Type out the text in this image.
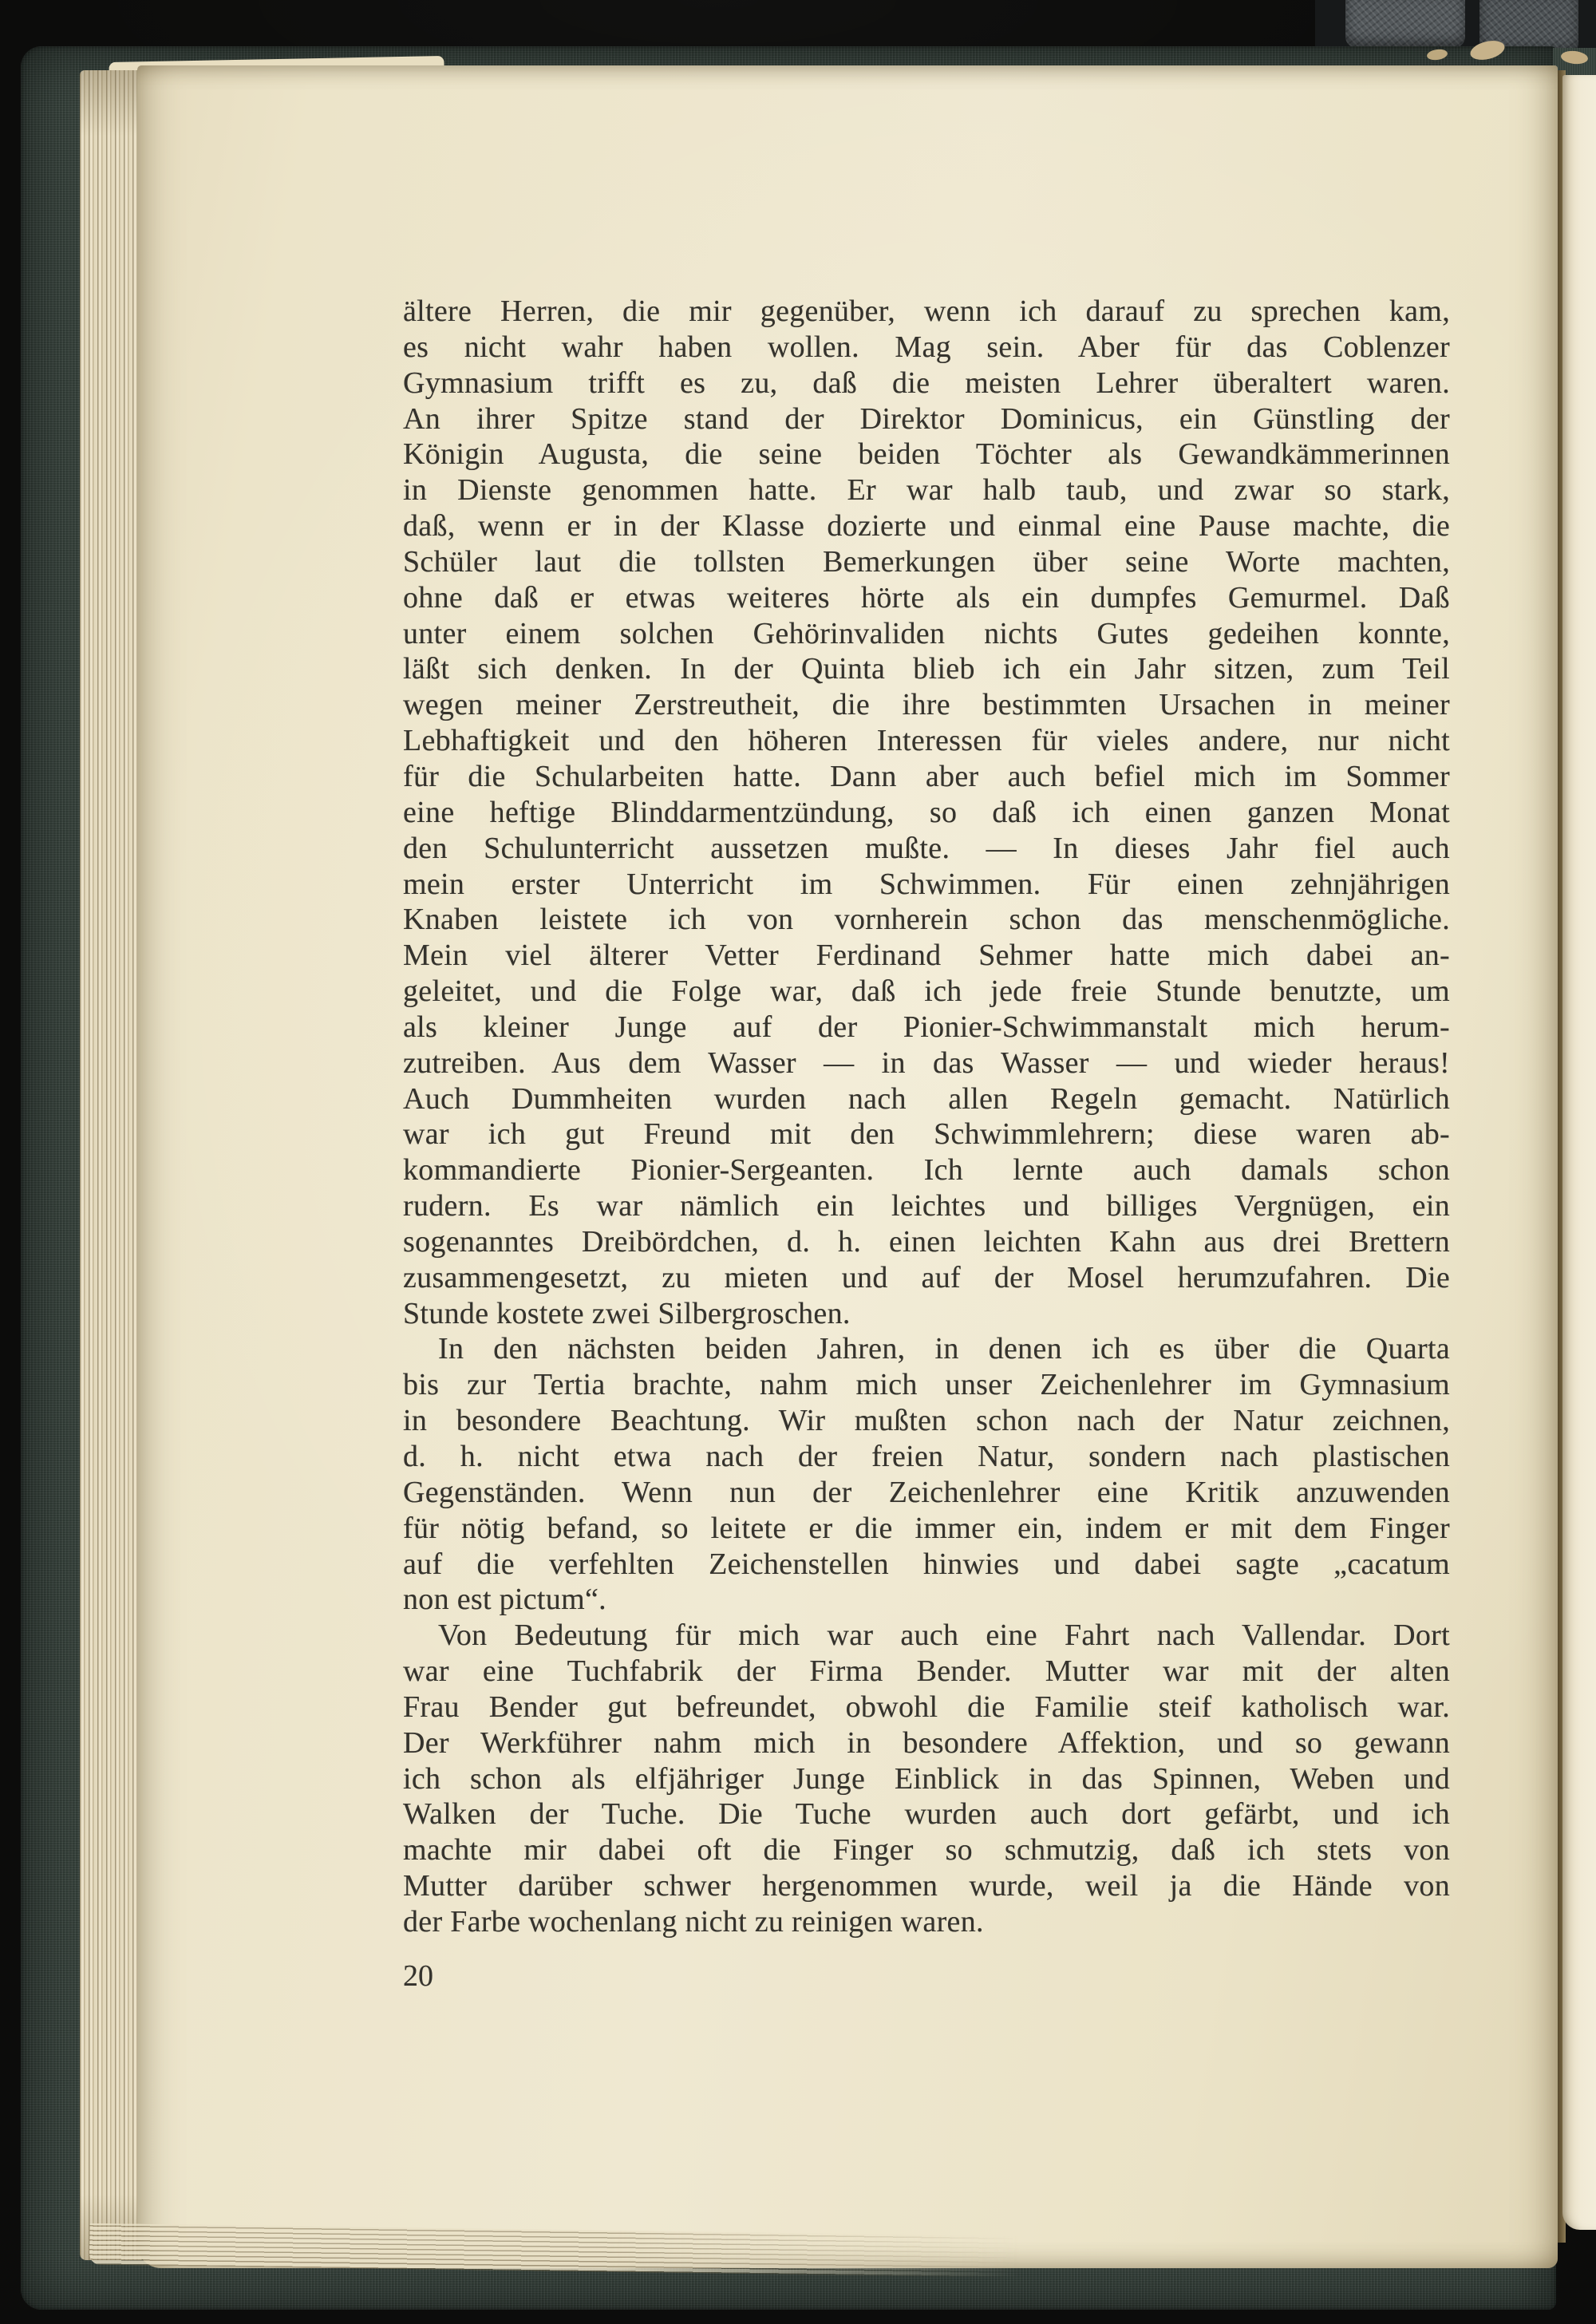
ältere Herren, die mir gegenüber, wenn ich darauf zu sprechen kam,
es nicht wahr haben wollen. Mag sein. Aber für das Coblenzer
Gymnasium trifft es zu, daß die meisten Lehrer überaltert waren.
An ihrer Spitze stand der Direktor Dominicus, ein Günstling der
Königin Augusta, die seine beiden Töchter als Gewandkämmerinnen
in Dienste genommen hatte. Er war halb taub, und zwar so stark,
daß, wenn er in der Klasse dozierte und einmal eine Pause machte, die
Schüler laut die tollsten Bemerkungen über seine Worte machten,
ohne daß er etwas weiteres hörte als ein dumpfes Gemurmel. Daß
unter einem solchen Gehörinvaliden nichts Gutes gedeihen konnte,
läßt sich denken. In der Quinta blieb ich ein Jahr sitzen, zum Teil
wegen meiner Zerstreutheit, die ihre bestimmten Ursachen in meiner
Lebhaftigkeit und den höheren Interessen für vieles andere, nur nicht
für die Schularbeiten hatte. Dann aber auch befiel mich im Sommer
eine heftige Blinddarmentzündung, so daß ich einen ganzen Monat
den Schulunterricht aussetzen mußte. — In dieses Jahr fiel auch
mein erster Unterricht im Schwimmen. Für einen zehnjährigen
Knaben leistete ich von vornherein schon das menschenmögliche.
Mein viel älterer Vetter Ferdinand Sehmer hatte mich dabei an-
geleitet, und die Folge war, daß ich jede freie Stunde benutzte, um
als kleiner Junge auf der Pionier-Schwimmanstalt mich herum-
zutreiben. Aus dem Wasser — in das Wasser — und wieder heraus!
Auch Dummheiten wurden nach allen Regeln gemacht. Natürlich
war ich gut Freund mit den Schwimmlehrern; diese waren ab-
kommandierte Pionier-Sergeanten. Ich lernte auch damals schon
rudern. Es war nämlich ein leichtes und billiges Vergnügen, ein
sogenanntes Dreibördchen, d. h. einen leichten Kahn aus drei Brettern
zusammengesetzt, zu mieten und auf der Mosel herumzufahren. Die
Stunde kostete zwei Silbergroschen.
In den nächsten beiden Jahren, in denen ich es über die Quarta
bis zur Tertia brachte, nahm mich unser Zeichenlehrer im Gymnasium
in besondere Beachtung. Wir mußten schon nach der Natur zeichnen,
d. h. nicht etwa nach der freien Natur, sondern nach plastischen
Gegenständen. Wenn nun der Zeichenlehrer eine Kritik anzuwenden
für nötig befand, so leitete er die immer ein, indem er mit dem Finger
auf die verfehlten Zeichenstellen hinwies und dabei sagte „cacatum
non est pictum“.
Von Bedeutung für mich war auch eine Fahrt nach Vallendar. Dort
war eine Tuchfabrik der Firma Bender. Mutter war mit der alten
Frau Bender gut befreundet, obwohl die Familie steif katholisch war.
Der Werkführer nahm mich in besondere Affektion, und so gewann
ich schon als elfjähriger Junge Einblick in das Spinnen, Weben und
Walken der Tuche. Die Tuche wurden auch dort gefärbt, und ich
machte mir dabei oft die Finger so schmutzig, daß ich stets von
Mutter darüber schwer hergenommen wurde, weil ja die Hände von
der Farbe wochenlang nicht zu reinigen waren.
20
